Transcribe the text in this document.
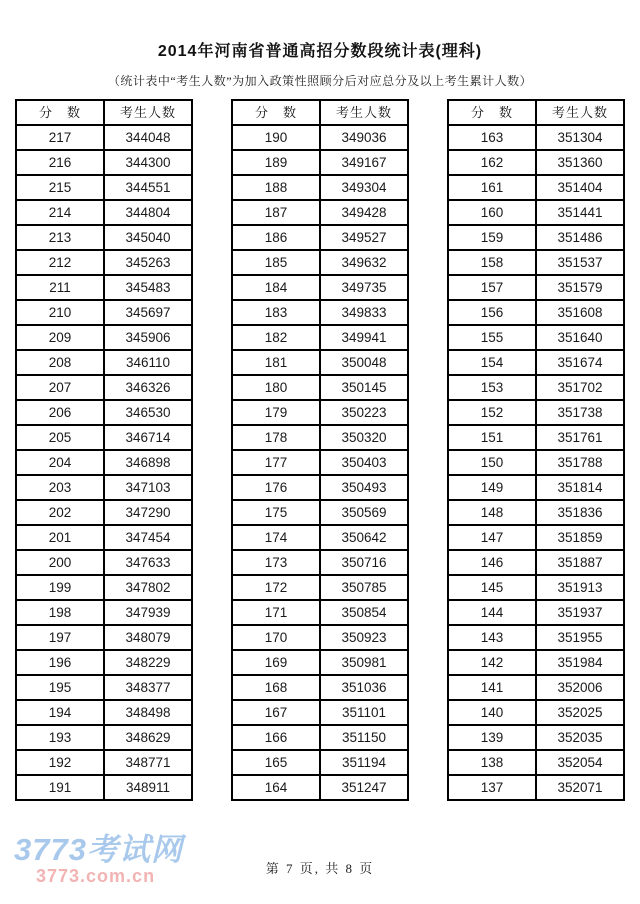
2014年河南省普通高招分数段统计表(理科)
（统计表中“考生人数”为加入政策性照顾分后对应总分及以上考生累计人数）
分　数	考生人数
217	344048
216	344300
215	344551
214	344804
213	345040
212	345263
211	345483
210	345697
209	345906
208	346110
207	346326
206	346530
205	346714
204	346898
203	347103
202	347290
201	347454
200	347633
199	347802
198	347939
197	348079
196	348229
195	348377
194	348498
193	348629
192	348771
191	348911
分　数	考生人数
190	349036
189	349167
188	349304
187	349428
186	349527
185	349632
184	349735
183	349833
182	349941
181	350048
180	350145
179	350223
178	350320
177	350403
176	350493
175	350569
174	350642
173	350716
172	350785
171	350854
170	350923
169	350981
168	351036
167	351101
166	351150
165	351194
164	351247
分　数	考生人数
163	351304
162	351360
161	351404
160	351441
159	351486
158	351537
157	351579
156	351608
155	351640
154	351674
153	351702
152	351738
151	351761
150	351788
149	351814
148	351836
147	351859
146	351887
145	351913
144	351937
143	351955
142	351984
141	352006
140	352025
139	352035
138	352054
137	352071
3773考试网
3773.com.cn	第 7 页, 共 8 页
